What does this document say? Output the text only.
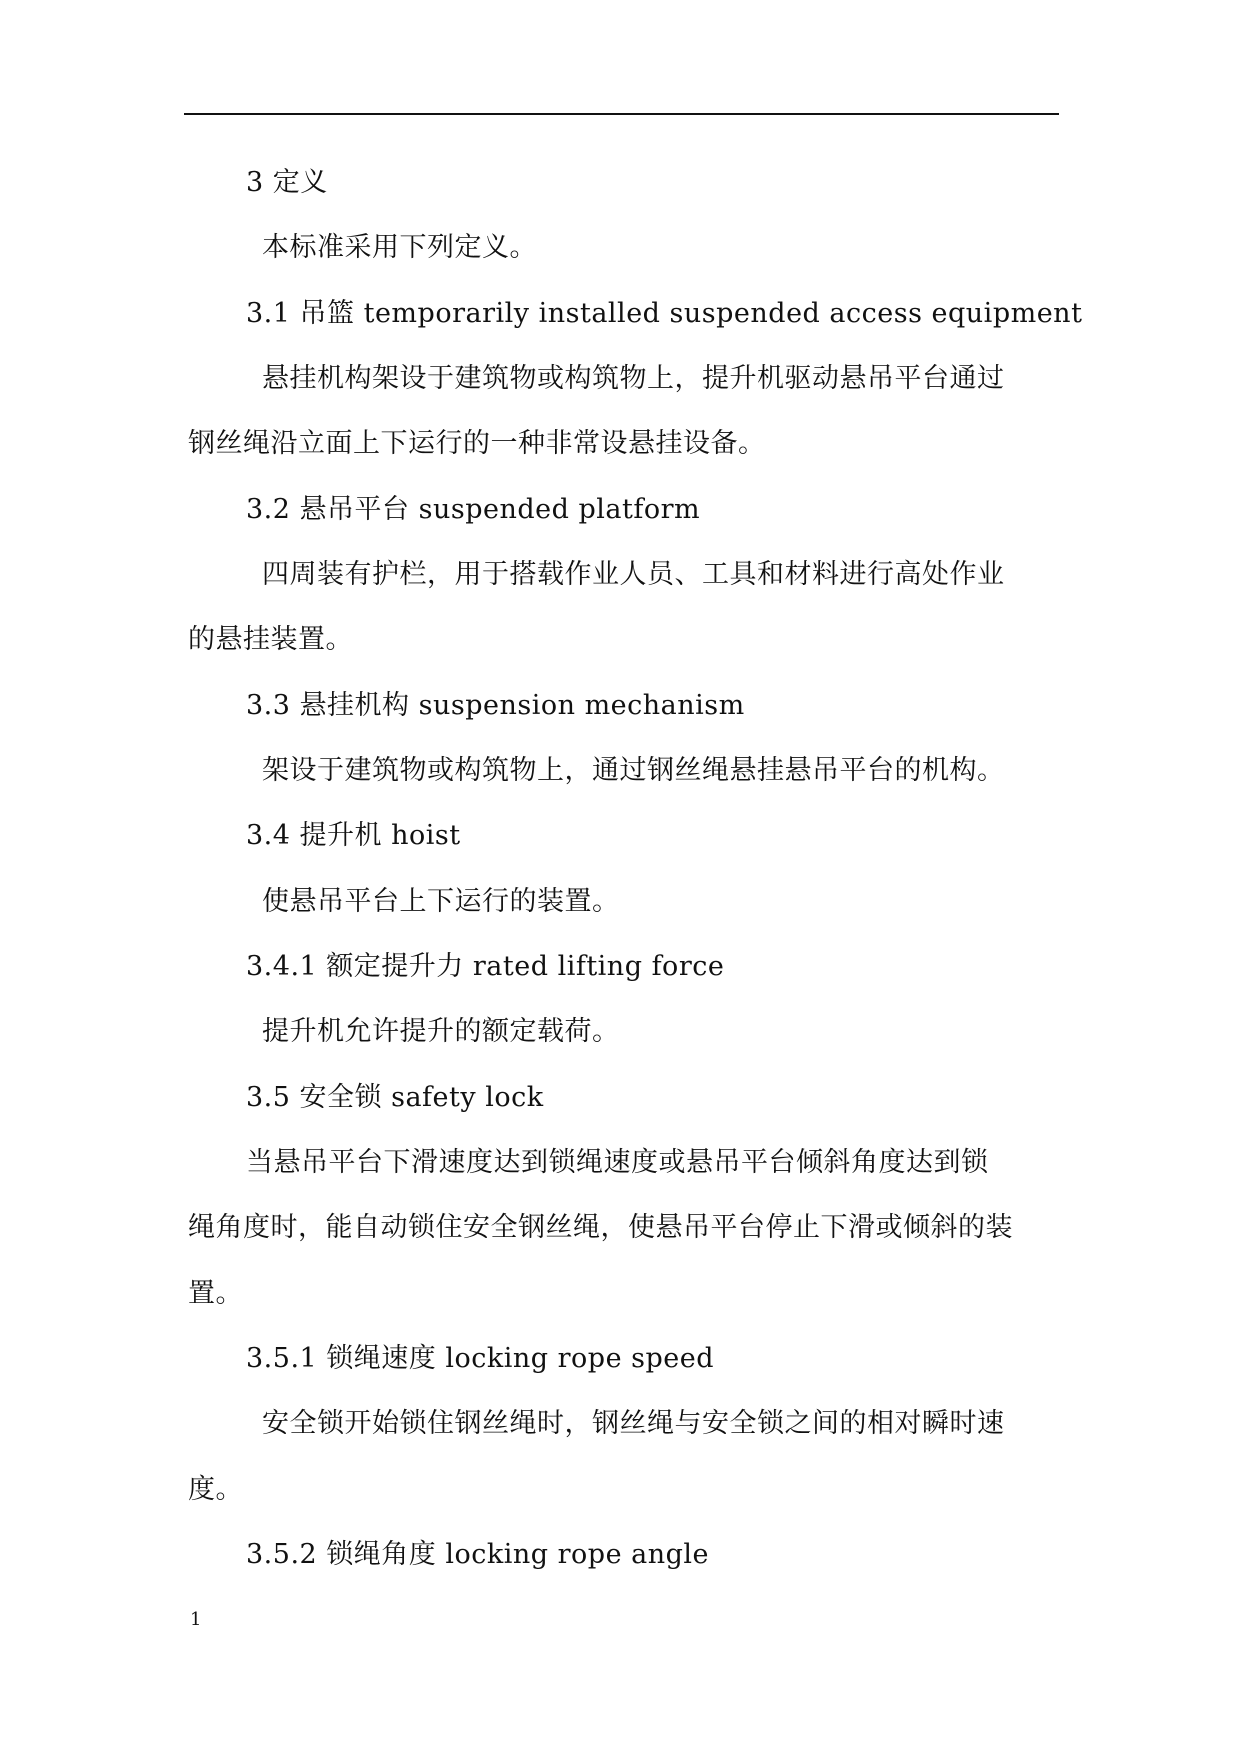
3 定义
本标准采用下列定义。
3.1 吊篮 temporarily installed suspended access equipment
悬挂机构架设于建筑物或构筑物上，提升机驱动悬吊平台通过
钢丝绳沿立面上下运行的一种非常设悬挂设备。
3.2 悬吊平台 suspended platform
四周装有护栏，用于搭载作业人员、工具和材料进行高处作业
的悬挂装置。
3.3 悬挂机构 suspension mechanism
架设于建筑物或构筑物上，通过钢丝绳悬挂悬吊平台的机构。
3.4 提升机 hoist
使悬吊平台上下运行的装置。
3.4.1 额定提升力 rated lifting force
提升机允许提升的额定载荷。
3.5 安全锁 safety lock
当悬吊平台下滑速度达到锁绳速度或悬吊平台倾斜角度达到锁
绳角度时，能自动锁住安全钢丝绳，使悬吊平台停止下滑或倾斜的装
置。
3.5.1 锁绳速度 locking rope speed
安全锁开始锁住钢丝绳时，钢丝绳与安全锁之间的相对瞬时速
度。
3.5.2 锁绳角度 locking rope angle
1
